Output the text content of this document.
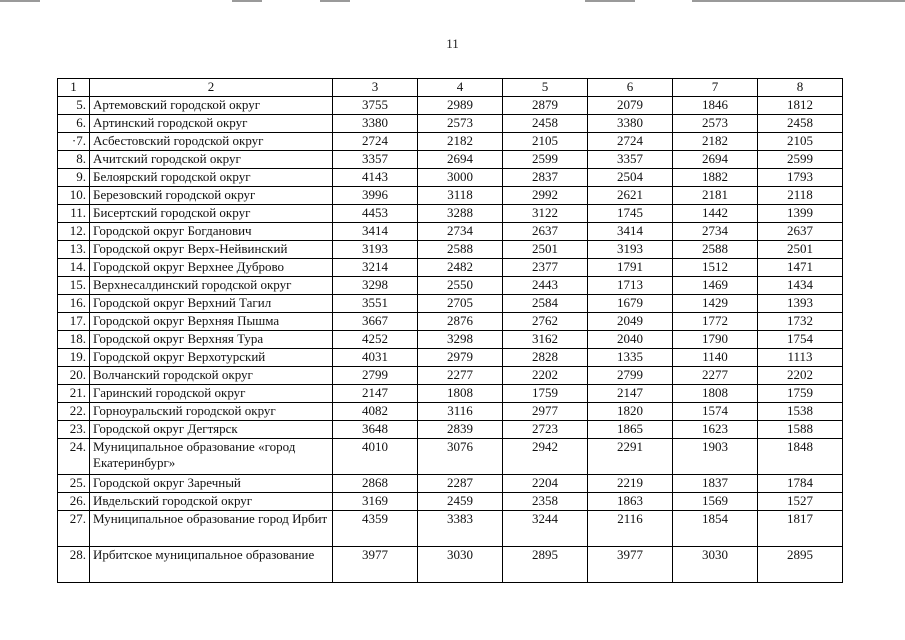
11
1	2	3	4	5	6	7	8
5.	Артемовский городской округ	3755	2989	2879	2079	1846	1812
6.	Артинский городской округ	3380	2573	2458	3380	2573	2458
·7.	Асбестовский городской округ	2724	2182	2105	2724	2182	2105
8.	Ачитский городской округ	3357	2694	2599	3357	2694	2599
9.	Белоярский городской округ	4143	3000	2837	2504	1882	1793
10.	Березовский городской округ	3996	3118	2992	2621	2181	2118
11.	Бисертский городской округ	4453	3288	3122	1745	1442	1399
12.	Городской округ Богданович	3414	2734	2637	3414	2734	2637
13.	Городской округ Верх-Нейвинский	3193	2588	2501	3193	2588	2501
14.	Городской округ Верхнее Дуброво	3214	2482	2377	1791	1512	1471
15.	Верхнесалдинский городской округ	3298	2550	2443	1713	1469	1434
16.	Городской округ Верхний Тагил	3551	2705	2584	1679	1429	1393
17.	Городской округ Верхняя Пышма	3667	2876	2762	2049	1772	1732
18.	Городской округ Верхняя Тура	4252	3298	3162	2040	1790	1754
19.	Городской округ Верхотурский	4031	2979	2828	1335	1140	1113
20.	Волчанский городской округ	2799	2277	2202	2799	2277	2202
21.	Гаринский городской округ	2147	1808	1759	2147	1808	1759
22.	Горноуральский городской округ	4082	3116	2977	1820	1574	1538
23.	Городской округ Дегтярск	3648	2839	2723	1865	1623	1588
24.	Муниципальное образование «город Екатеринбург»	4010	3076	2942	2291	1903	1848
25.	Городской округ Заречный	2868	2287	2204	2219	1837	1784
26.	Ивдельский городской округ	3169	2459	2358	1863	1569	1527
27.	Муниципальное образование город Ирбит	4359	3383	3244	2116	1854	1817
28.	Ирбитское муниципальное образование	3977	3030	2895	3977	3030	2895
